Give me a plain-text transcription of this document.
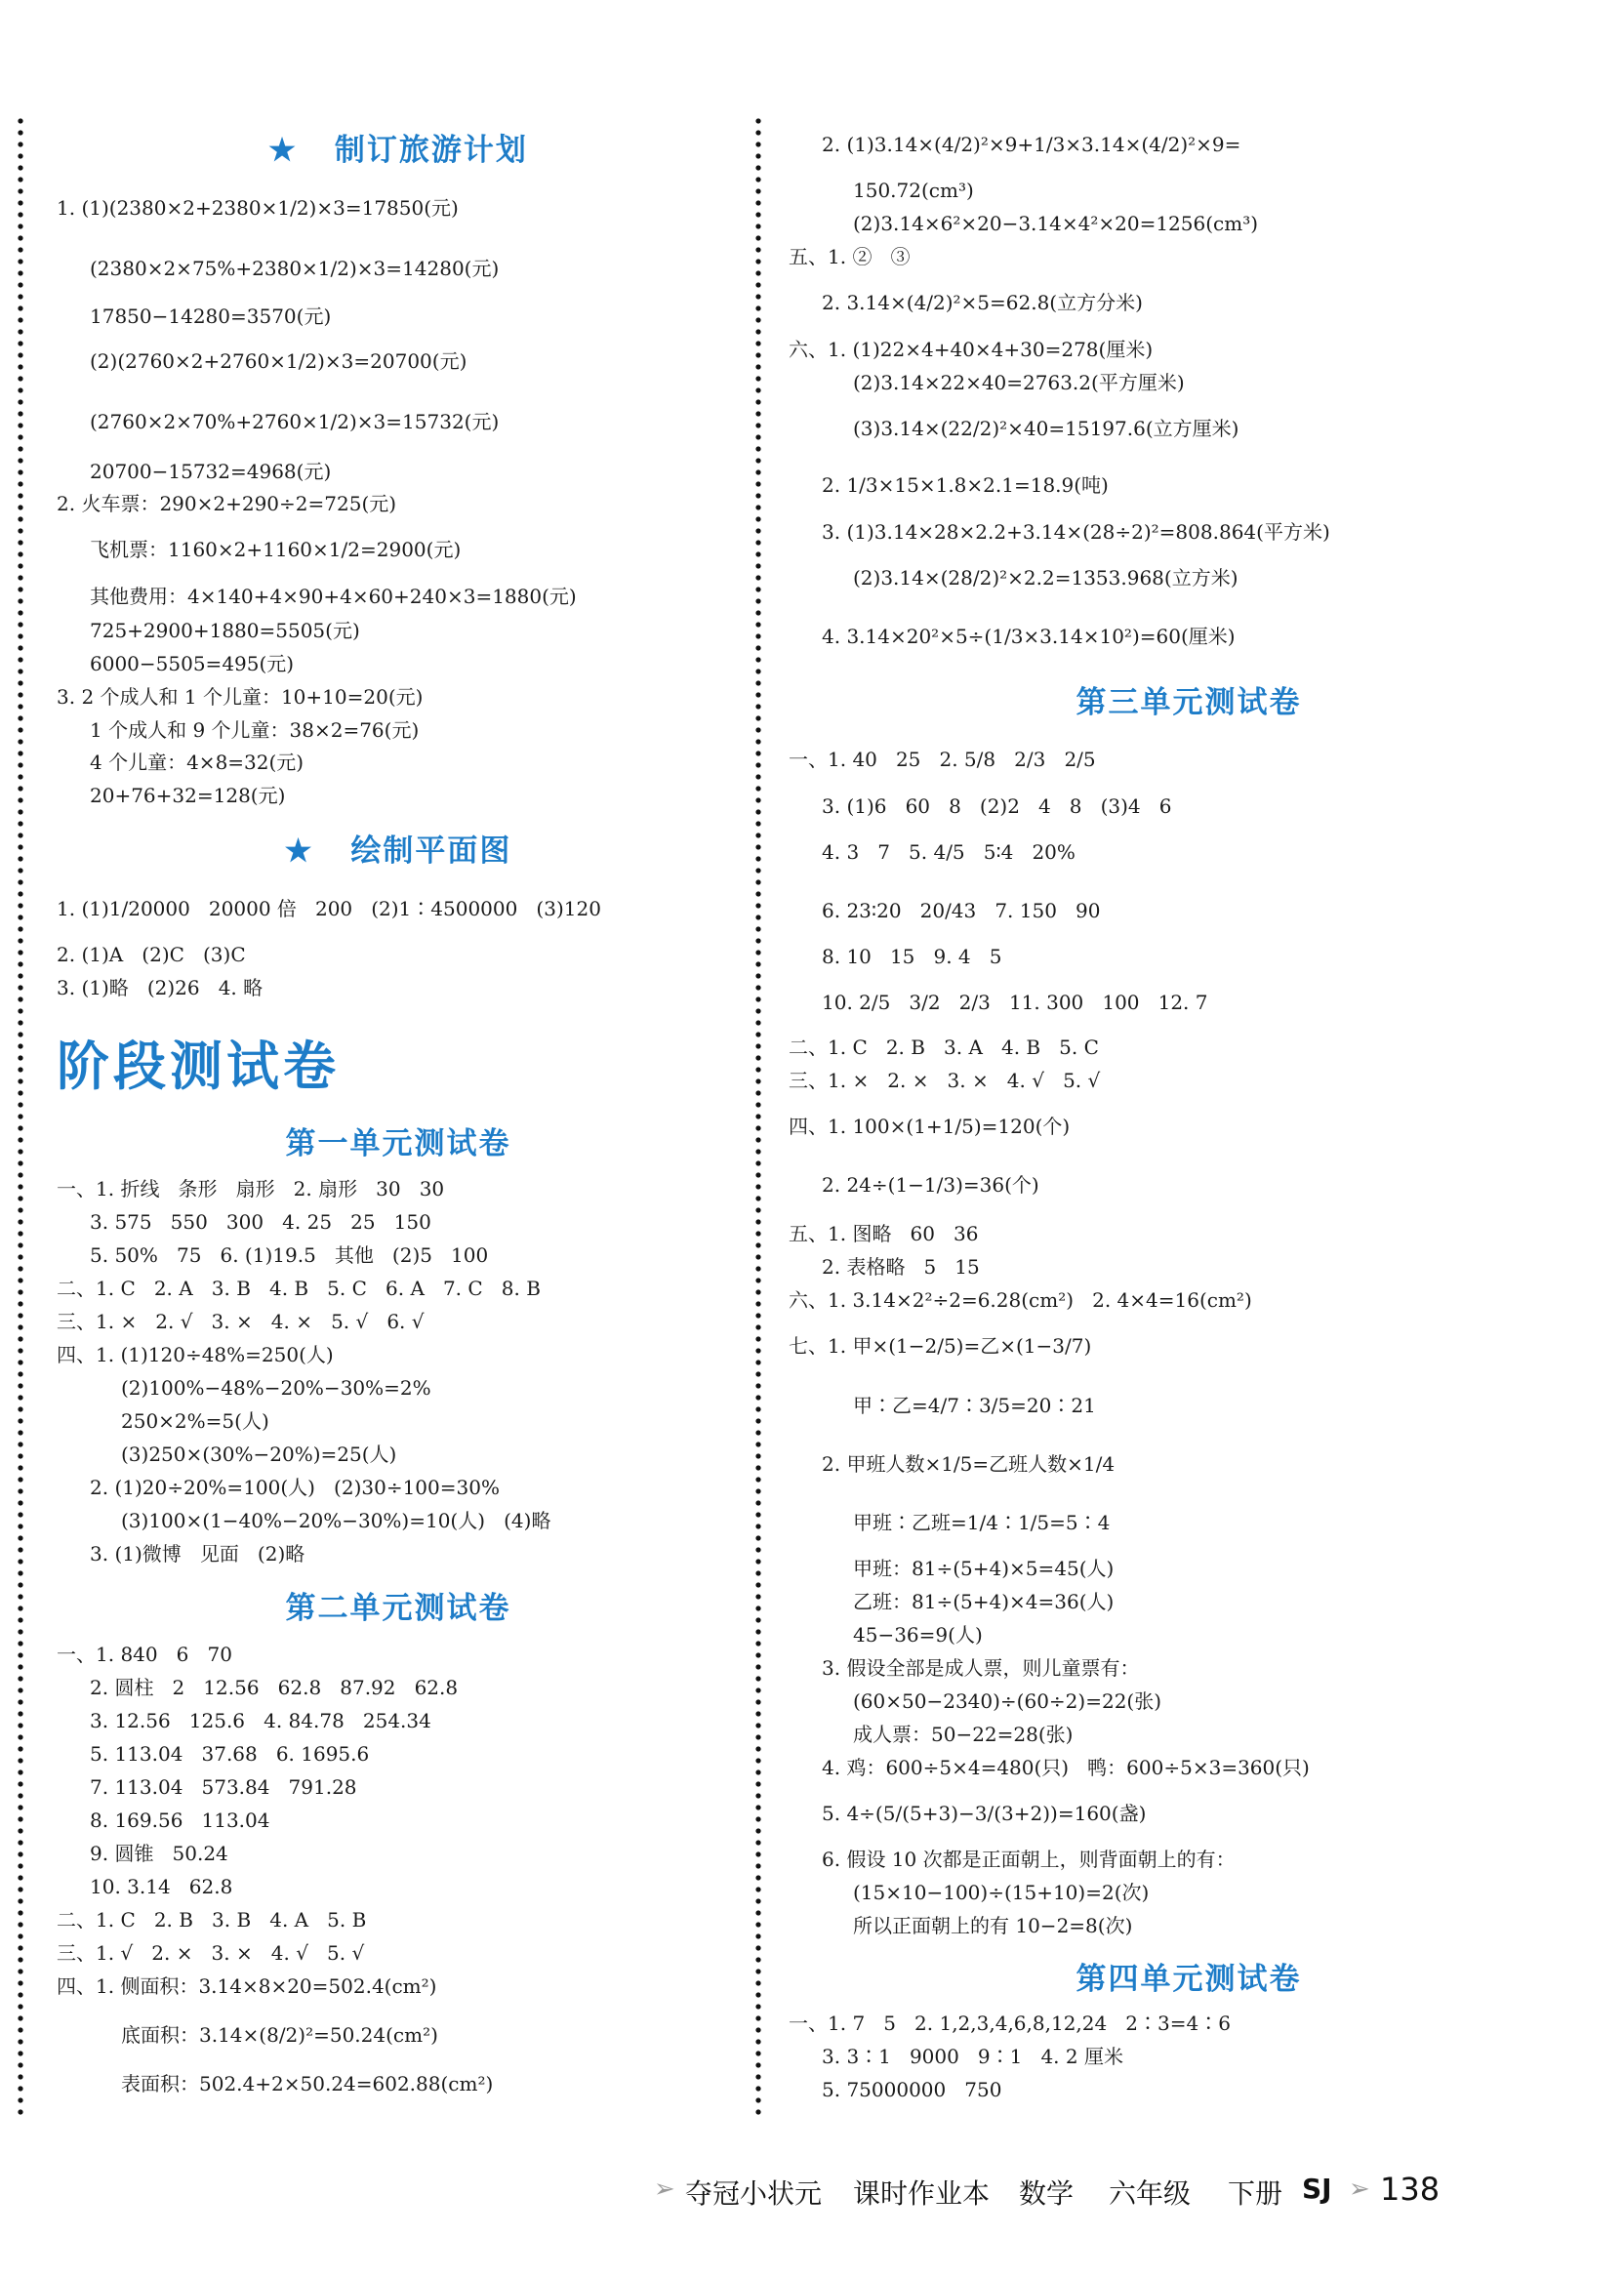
★ 制订旅游计划
1. (1)(2380×2+2380×1/2)×3=17850(元)
(2380×2×75%+2380×1/2)×3=14280(元)
17850−14280=3570(元)
(2)(2760×2+2760×1/2)×3=20700(元)
(2760×2×70%+2760×1/2)×3=15732(元)
20700−15732=4968(元)
2. 火车票：290×2+290÷2=725(元)
飞机票：1160×2+1160×1/2=2900(元)
其他费用：4×140+4×90+4×60+240×3=1880(元)
725+2900+1880=5505(元)
6000−5505=495(元)
3. 2 个成人和 1 个儿童：10+10=20(元)
1 个成人和 9 个儿童：38×2=76(元)
4 个儿童：4×8=32(元)
20+76+32=128(元)
★ 绘制平面图
1. (1)1/20000   20000 倍   200   (2)1∶4500000   (3)120
2. (1)A   (2)C   (3)C
3. (1)略   (2)26   4. 略
阶段测试卷
第一单元测试卷
一、1. 折线   条形   扇形   2. 扇形   30   30
3. 575   550   300   4. 25   25   150
5. 50%   75   6. (1)19.5   其他   (2)5   100
二、1. C   2. A   3. B   4. B   5. C   6. A   7. C   8. B
三、1. ×   2. √   3. ×   4. ×   5. √   6. √
四、1. (1)120÷48%=250(人)
(2)100%−48%−20%−30%=2%
250×2%=5(人)
(3)250×(30%−20%)=25(人)
2. (1)20÷20%=100(人)   (2)30÷100=30%
(3)100×(1−40%−20%−30%)=10(人)   (4)略
3. (1)微博   见面   (2)略
第二单元测试卷
一、1. 840   6   70
2. 圆柱   2   12.56   62.8   87.92   62.8
3. 12.56   125.6   4. 84.78   254.34
5. 113.04   37.68   6. 1695.6
7. 113.04   573.84   791.28
8. 169.56   113.04
9. 圆锥   50.24
10. 3.14   62.8
二、1. C   2. B   3. B   4. A   5. B
三、1. √   2. ×   3. ×   4. √   5. √
四、1. 侧面积：3.14×8×20=502.4(cm²)
底面积：3.14×(8/2)²=50.24(cm²)
表面积：502.4+2×50.24=602.88(cm²)
2. (1)3.14×(4/2)²×9+1/3×3.14×(4/2)²×9=
150.72(cm³)
(2)3.14×6²×20−3.14×4²×20=1256(cm³)
五、1. ②   ③
2. 3.14×(4/2)²×5=62.8(立方分米)
六、1. (1)22×4+40×4+30=278(厘米)
(2)3.14×22×40=2763.2(平方厘米)
(3)3.14×(22/2)²×40=15197.6(立方厘米)
2. 1/3×15×1.8×2.1=18.9(吨)
3. (1)3.14×28×2.2+3.14×(28÷2)²=808.864(平方米)
(2)3.14×(28/2)²×2.2=1353.968(立方米)
4. 3.14×20²×5÷(1/3×3.14×10²)=60(厘米)
第三单元测试卷
一、1. 40   25   2. 5/8   2/3   2/5
3. (1)6   60   8   (2)2   4   8   (3)4   6
4. 3   7   5. 4/5   5∶4   20%
6. 23∶20   20/43   7. 150   90
8. 10   15   9. 4   5
10. 2/5   3/2   2/3   11. 300   100   12. 7
二、1. C   2. B   3. A   4. B   5. C
三、1. ×   2. ×   3. ×   4. √   5. √
四、1. 100×(1+1/5)=120(个)
2. 24÷(1−1/3)=36(个)
五、1. 图略   60   36
2. 表格略   5   15
六、1. 3.14×2²÷2=6.28(cm²)   2. 4×4=16(cm²)
七、1. 甲×(1−2/5)=乙×(1−3/7)
甲∶乙=4/7∶3/5=20∶21
2. 甲班人数×1/5=乙班人数×1/4
甲班∶乙班=1/4∶1/5=5∶4
甲班：81÷(5+4)×5=45(人)
乙班：81÷(5+4)×4=36(人)
45−36=9(人)
3. 假设全部是成人票，则儿童票有：
(60×50−2340)÷(60÷2)=22(张)
成人票：50−22=28(张)
4. 鸡：600÷5×4=480(只)   鸭：600÷5×3=360(只)
5. 4÷(5/(5+3)−3/(3+2))=160(盏)
6. 假设 10 次都是正面朝上，则背面朝上的有：
(15×10−100)÷(15+10)=2(次)
所以正面朝上的有 10−2=8(次)
第四单元测试卷
一、1. 7   5   2. 1,2,3,4,6,8,12,24   2∶3=4∶6
3. 3∶1   9000   9∶1   4. 2 厘米
5. 75000000   750
➢ 夺冠小状元 课时作业本 数学 六年级 下册 SJ ➢ 138
